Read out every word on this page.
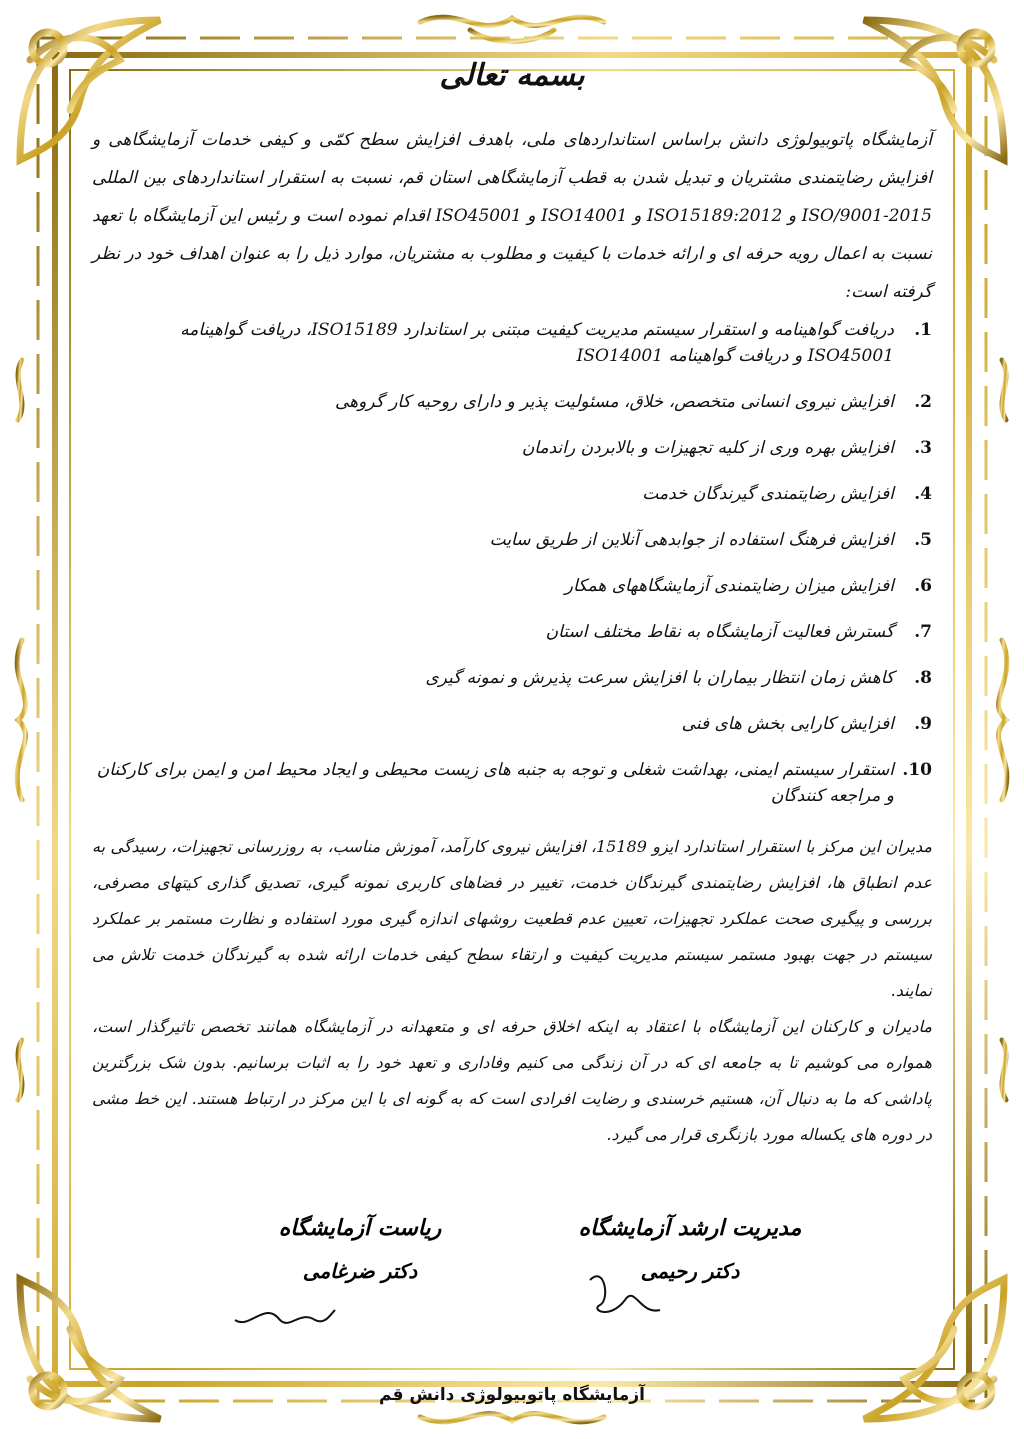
بسمه تعالی
آزمایشگاه پاتوبیولوژی دانش براساس استانداردهای ملی، باهدف افزایش سطح کمّی و کیفی خدمات آزمایشگاهی و افزایش رضایتمندی مشتریان و تبدیل شدن به قطب آزمایشگاهی استان قم، نسبت به استقرار استانداردهای بین المللی ISO/9001-2015 و ISO15189:2012 و ISO14001 و ISO45001 اقدام نموده است و رئیس این آزمایشگاه با تعهد نسبت به اعمال رویه حرفه ای و ارائه خدمات با کیفیت و مطلوب به مشتریان، موارد ذیل را به عنوان اهداف خود در نظر گرفته است:
1.
دریافت گواهینامه و استقرار سیستم مدیریت کیفیت مبتنی بر استاندارد ISO15189، دریافت گواهینامه ISO45001 و دریافت گواهینامه ISO14001
2.
افزایش نیروی انسانی متخصص، خلاق، مسئولیت پذیر و دارای روحیه کار گروهی
3.
افزایش بهره وری از کلیه تجهیزات و بالابردن راندمان
4.
افزایش رضایتمندی گیرندگان خدمت
5.
افزایش فرهنگ استفاده از جوابدهی آنلاین از طریق سایت
6.
افزایش میزان رضایتمندی آزمایشگاههای همکار
7.
گسترش فعالیت آزمایشگاه به نقاط مختلف استان
8.
کاهش زمان انتظار بیماران با افزایش سرعت پذیرش و نمونه گیری
9.
افزایش کارایی بخش های فنی
10.
استقرار سیستم ایمنی، بهداشت شغلی و توجه به جنبه های زیست محیطی و ایجاد محیط امن و ایمن برای کارکنان و مراجعه کنندگان

مدیران این مرکز با استقرار استاندارد ایزو 15189، افزایش نیروی کارآمد، آموزش مناسب، به روزرسانی تجهیزات، رسیدگی به عدم انطباق ها، افزایش رضایتمندی گیرندگان خدمت، تغییر در فضاهای کاربری نمونه گیری، تصدیق گذاری کیتهای مصرفی، بررسی و پیگیری صحت عملکرد تجهیزات، تعیین عدم قطعیت روشهای اندازه گیری مورد استفاده و نظارت مستمر بر عملکرد سیستم در جهت بهبود مستمر سیستم مدیریت کیفیت و ارتقاء سطح کیفی خدمات ارائه شده به گیرندگان خدمت تلاش می نمایند.

مادیران و کارکنان این آزمایشگاه با اعتقاد به اینکه اخلاق حرفه ای و متعهدانه در آزمایشگاه همانند تخصص تاثیرگذار است، همواره می کوشیم تا به جامعه ای که در آن زندگی می کنیم وفاداری و تعهد خود را به اثبات برسانیم. بدون شک بزرگترین پاداشی که ما به دنبال آن، هستیم خرسندی و رضایت افرادی است که به گونه ای با این مرکز در ارتباط هستند. این خط مشی در دوره های یکساله مورد بازنگری قرار می گیرد.

مدیریت ارشد آزمایشگاه
دکتر رحیمی
ریاست آزمایشگاه
دکتر ضرغامی
آزمایشگاه پاتوبیولوژی دانش قم
